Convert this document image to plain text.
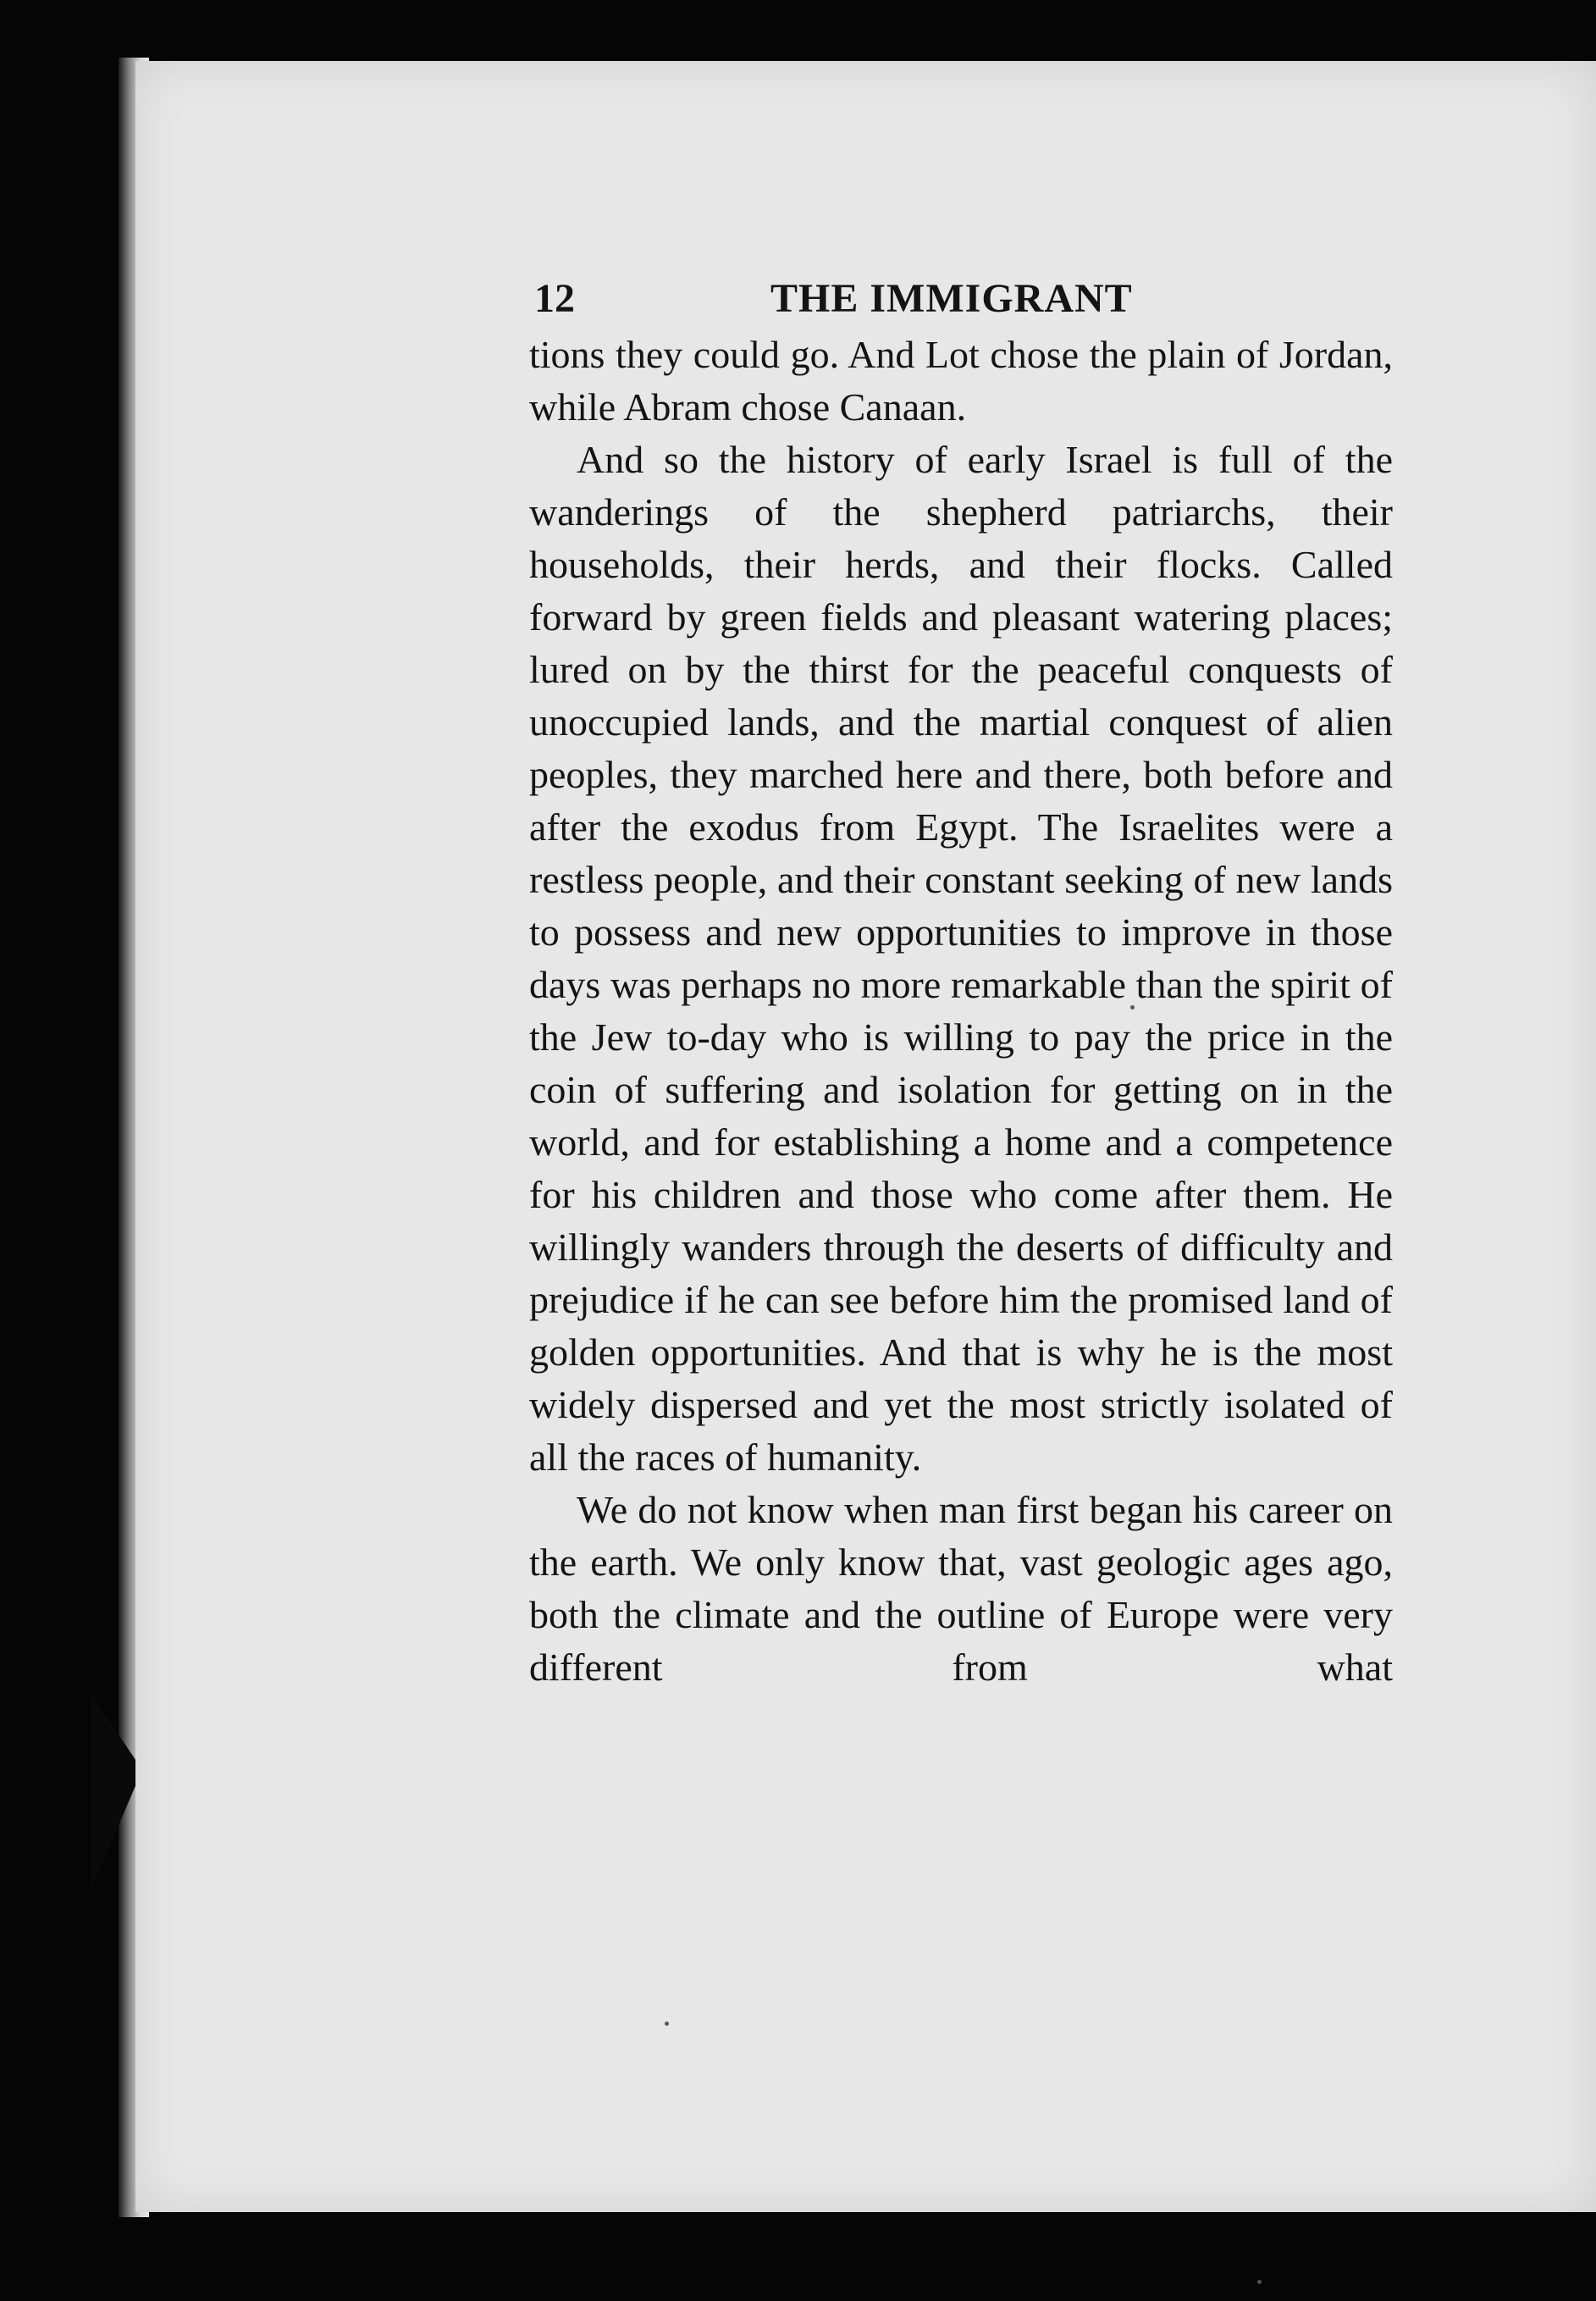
12	THE IMMIGRANT

tions they could go. And Lot chose the plain of Jordan, while Abram chose Canaan.

And so the history of early Israel is full of the wanderings of the shepherd patriarchs, their households, their herds, and their flocks. Called forward by green fields and pleasant watering places; lured on by the thirst for the peaceful conquests of unoccupied lands, and the martial conquest of alien peoples, they marched here and there, both before and after the exodus from Egypt. The Israelites were a restless people, and their constant seeking of new lands to possess and new opportunities to improve in those days was perhaps no more remarkable than the spirit of the Jew to-day who is willing to pay the price in the coin of suffering and isolation for getting on in the world, and for establishing a home and a competence for his children and those who come after them. He willingly wanders through the deserts of difficulty and prejudice if he can see before him the promised land of golden opportunities. And that is why he is the most widely dispersed and yet the most strictly isolated of all the races of humanity.

We do not know when man first began his career on the earth. We only know that, vast geologic ages ago, both the climate and the outline of Europe were very different from what
